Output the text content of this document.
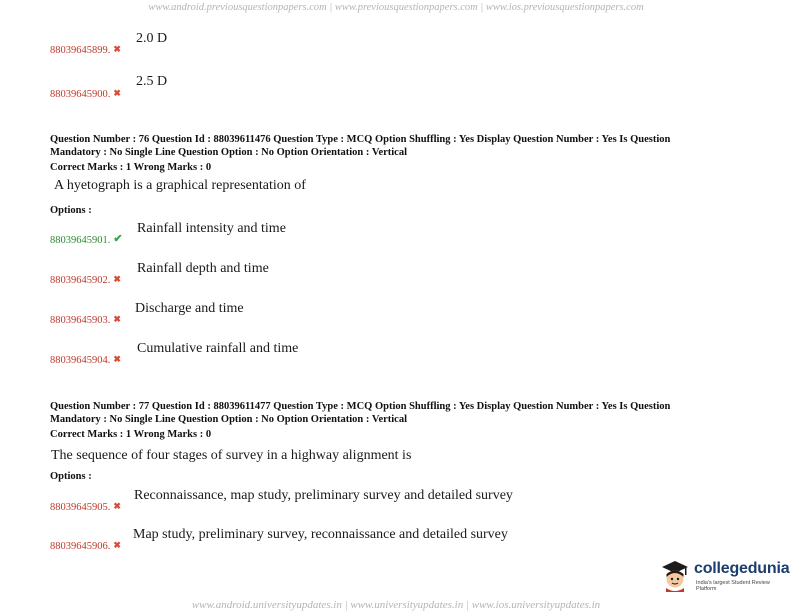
www.android.previousquestionpapers.com | www.previousquestionpapers.com | www.ios.previousquestionpapers.com
88039645899. ✖
2.0 D
88039645900. ✖
2.5 D
Question Number : 76 Question Id : 88039611476 Question Type : MCQ Option Shuffling : Yes Display Question Number : Yes Is Question
Mandatory : No Single Line Question Option : No Option Orientation : Vertical
Correct Marks : 1 Wrong Marks : 0
A hyetograph is a graphical representation of
Options :
88039645901. ✔
Rainfall intensity and time
88039645902. ✖
Rainfall depth and time
88039645903. ✖
Discharge and time
88039645904. ✖
Cumulative rainfall and time
Question Number : 77 Question Id : 88039611477 Question Type : MCQ Option Shuffling : Yes Display Question Number : Yes Is Question
Mandatory : No Single Line Question Option : No Option Orientation : Vertical
Correct Marks : 1 Wrong Marks : 0
The sequence of four stages of survey in a highway alignment is
Options :
88039645905. ✖
Reconnaissance, map study, preliminary survey and detailed survey
88039645906. ✖
Map study, preliminary survey, reconnaissance and detailed survey
collegedunia
India's largest Student Review Platform
www.android.universityupdates.in | www.universityupdates.in | www.ios.universityupdates.in
